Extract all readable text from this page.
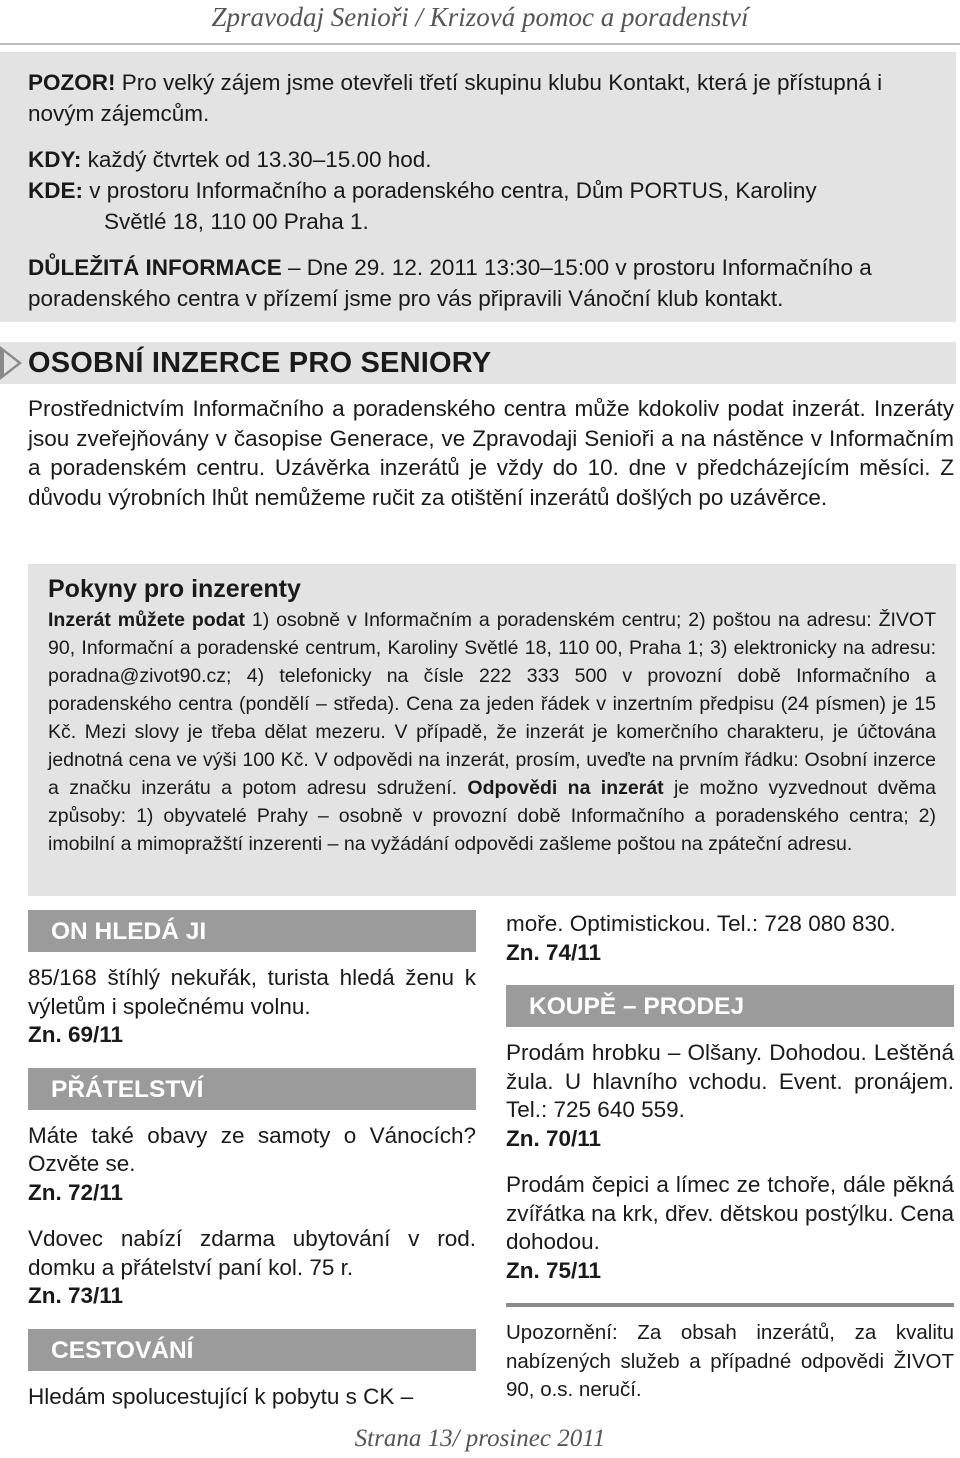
Zpravodaj Senioři / Krizová pomoc a poradenství

POZOR! Pro velký zájem jsme otevřeli třetí skupinu klubu Kontakt, která je přístupná i novým zájemcům.

KDY: každý čtvrtek od 13.30–15.00 hod.

KDE: v prostoru Informačního a poradenského centra, Dům PORTUS, Karoliny

Světlé 18, 110 00 Praha 1.

DŮLEŽITÁ INFORMACE – Dne 29. 12. 2011 13:30–15:00 v prostoru Informačního a poradenského centra v přízemí jsme pro vás připravili Vánoční klub kontakt.

OSOBNÍ INZERCE PRO SENIORY

Prostřednictvím Informačního a poradenského centra může kdokoliv podat inzerát. Inzeráty jsou zveřejňovány v časopise Generace, ve Zpravodaji Senioři a na nástěnce v Informačním a poradenském centru. Uzávěrka inzerátů je vždy do 10. dne v předcházejícím měsíci. Z důvodu výrobních lhůt nemůžeme ručit za otištění inzerátů došlých po uzávěrce.

Pokyny pro inzerenty

Inzerát můžete podat 1) osobně v Informačním a poradenském centru; 2) poštou na adresu: ŽIVOT 90, Informační a poradenské centrum, Karoliny Světlé 18, 110 00, Praha 1; 3) elektronicky na adresu: poradna@zivot90.cz; 4) telefonicky na čísle 222 333 500 v provozní době Informačního a poradenského centra (pondělí – středa). Cena za jeden řádek v inzertním předpisu (24 písmen) je 15 Kč. Mezi slovy je třeba dělat mezeru. V případě, že inzerát je komerčního charakteru, je účtována jednotná cena ve výši 100 Kč. V odpovědi na inzerát, prosím, uveďte na prvním řádku: Osobní inzerce a značku inzerátu a potom adresu sdružení. Odpovědi na inzerát je možno vyzvednout dvěma způsoby: 1) obyvatelé Prahy – osobně v provozní době Informačního a poradenského centra; 2) imobilní a mimopražští inzerenti – na vyžádání odpovědi zašleme poštou na zpáteční adresu.

ON HLEDÁ JI

85/168 štíhlý nekuřák, turista hledá ženu k výletům i společnému volnu.

Zn. 69/11

PŘÁTELSTVÍ

Máte také obavy ze samoty o Vánocích? Ozvěte se.

Zn. 72/11

Vdovec nabízí zdarma ubytování v rod. domku a přátelství paní kol. 75 r.

Zn. 73/11

CESTOVÁNÍ

Hledám spolucestující k pobytu s CK –

moře. Optimistickou. Tel.: 728 080 830.

Zn. 74/11

KOUPĚ – PRODEJ

Prodám hrobku – Olšany. Dohodou. Leštěná žula. U hlavního vchodu. Event. pronájem. Tel.: 725 640 559.

Zn. 70/11

Prodám čepici a límec ze tchoře, dále pěkná zvířátka na krk, dřev. dětskou postýlku. Cena dohodou.

Zn. 75/11

Upozornění: Za obsah inzerátů, za kvalitu nabízených služeb a případné odpovědi ŽIVOT 90, o.s. neručí.

Strana 13/ prosinec 2011
